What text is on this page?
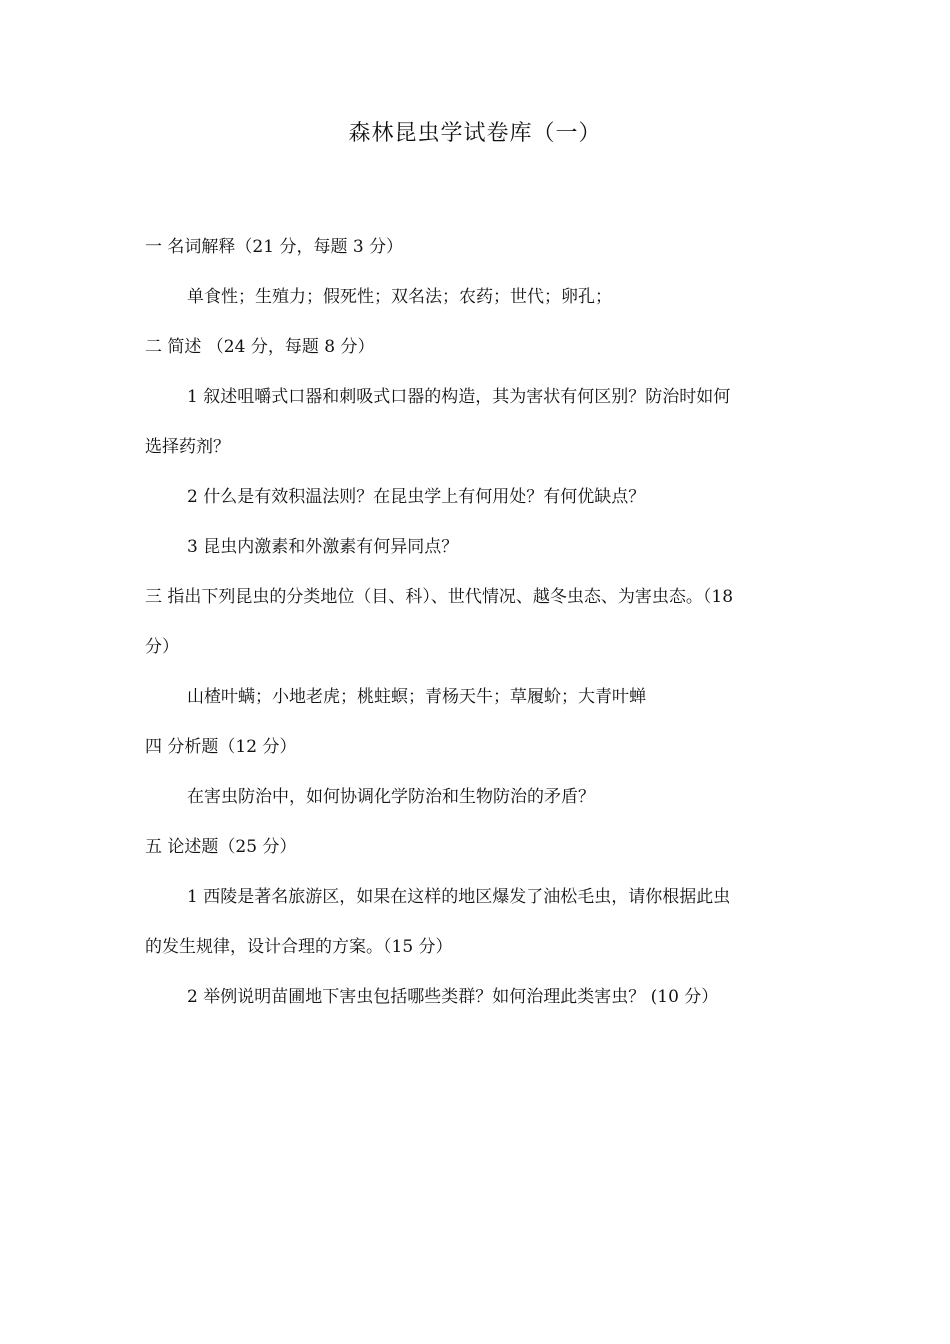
森林昆虫学试卷库（一）
一 名词解释（21 分，每题 3 分）
单食性；生殖力；假死性；双名法；农药；世代；卵孔；
二 简述 （24 分，每题 8 分）
1 叙述咀嚼式口器和刺吸式口器的构造，其为害状有何区别？防治时如何
选择药剂？
2 什么是有效积温法则？在昆虫学上有何用处？有何优缺点？
3 昆虫内激素和外激素有何异同点？
三 指出下列昆虫的分类地位（目、科）、世代情况、越冬虫态、为害虫态。（18
分）
山楂叶螨；小地老虎；桃蛀螟；青杨天牛；草履蚧；大青叶蝉
四 分析题（12 分）
在害虫防治中，如何协调化学防治和生物防治的矛盾？
五 论述题（25 分）
1 西陵是著名旅游区，如果在这样的地区爆发了油松毛虫，请你根据此虫
的发生规律，设计合理的方案。（15 分）
2 举例说明苗圃地下害虫包括哪些类群？如何治理此类害虫？ (10 分）
